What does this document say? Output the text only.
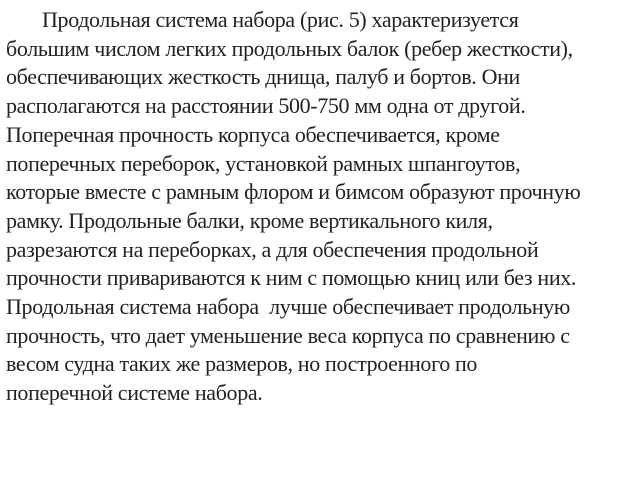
Продольная система набора (рис. 5) характеризуется
большим числом легких продольных балок (ребер жесткости),
обеспечивающих жесткость днища, палуб и бортов. Они
располагаются на расстоянии 500-750 мм одна от другой.
Поперечная прочность корпуса обеспечивается, кроме
поперечных переборок, установкой рамных шпангоутов,
которые вместе с рамным флором и бимсом образуют прочную
рамку. Продольные балки, кроме вертикального киля,
разрезаются на переборках, а для обеспечения продольной
прочности привариваются к ним с помощью книц или без них.
Продольная система набора  лучше обеспечивает продольную
прочность, что дает уменьшение веса корпуса по сравнению с
весом судна таких же размеров, но построенного по
поперечной системе набора.
